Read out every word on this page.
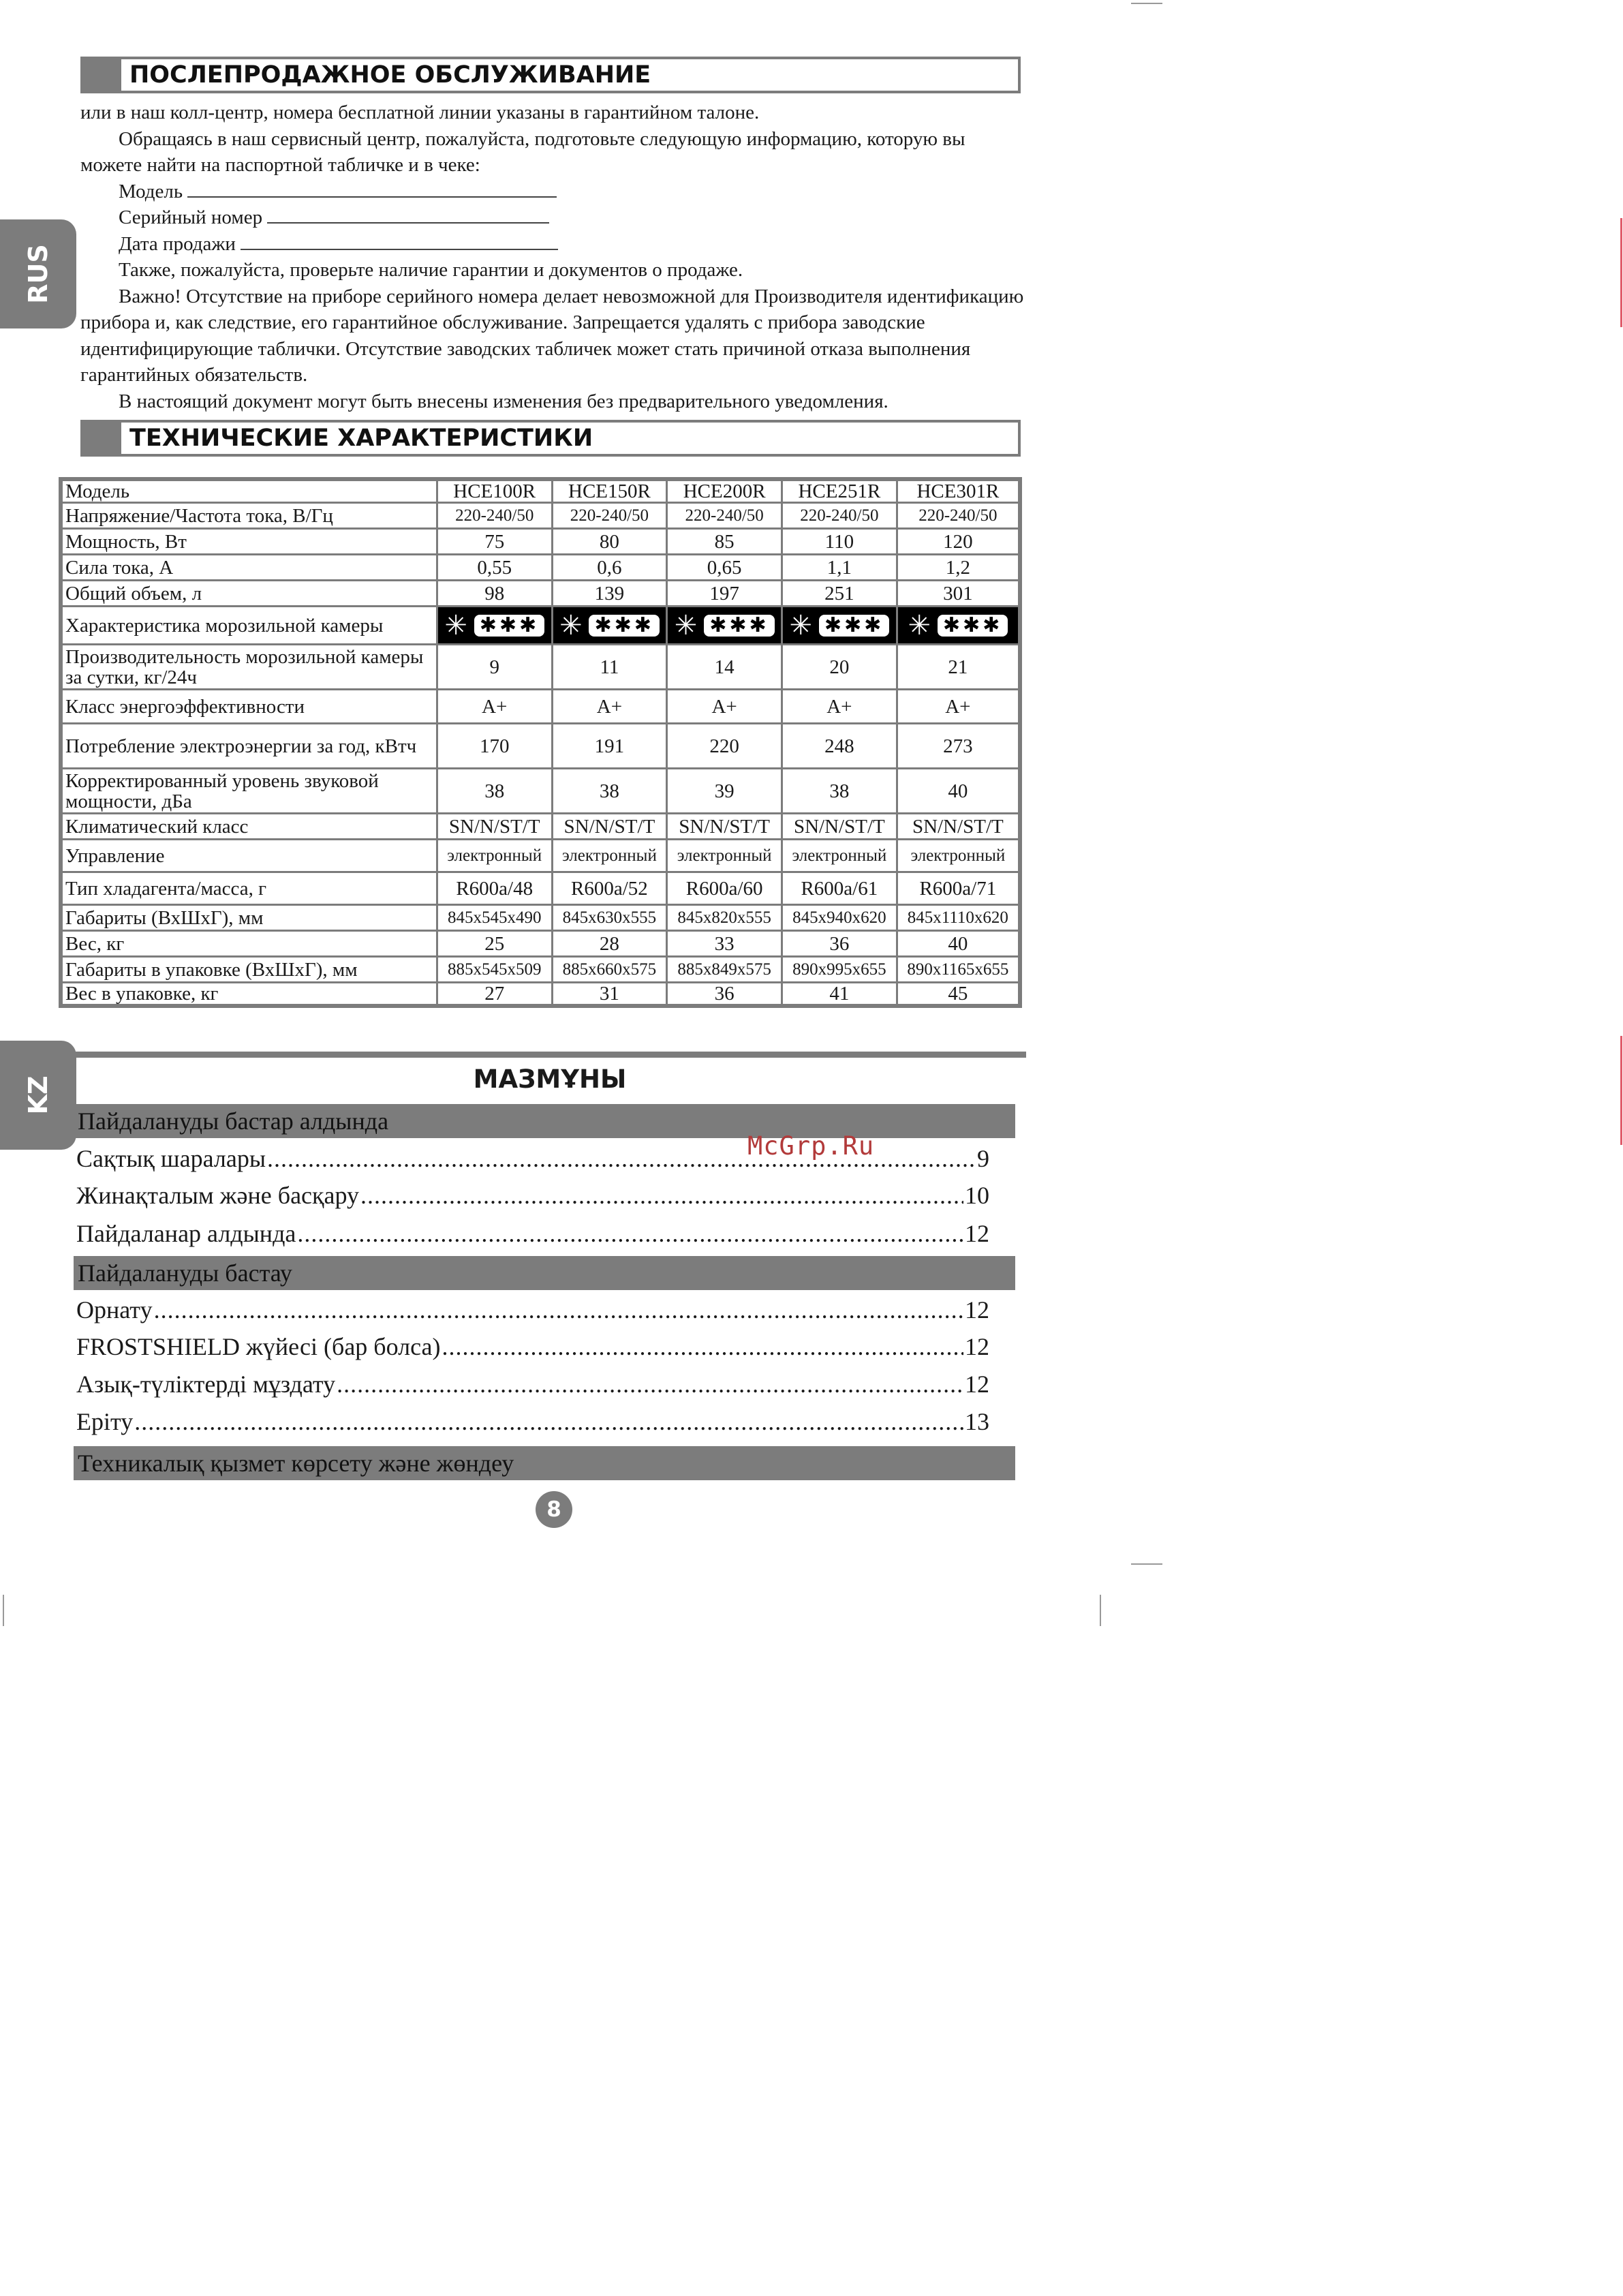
RUS
KZ
ПОСЛЕПРОДАЖНОЕ ОБСЛУЖИВАНИЕ

или в наш колл-центр, номера бесплатной линии указаны в гарантийном талоне.

Обращаясь в наш сервисный центр, пожалуйста, подготовьте следующую информацию, которую вы можете найти на паспортной табличке и в чеке:

Модель

Серийный номер

Дата продажи

Также, пожалуйста, проверьте наличие гарантии и документов о продаже.

Важно! Отсутствие на приборе серийного номера делает невозможной для Производителя идентификацию прибора и, как следствие, его гарантийное обслуживание. Запрещается удалять с прибора заводские идентифицирующие таблички. Отсутствие заводских табличек может стать причиной отказа выполнения гарантийных обязательств.

В настоящий документ могут быть внесены изменения без предварительного уведомления.

ТЕХНИЧЕСКИЕ ХАРАКТЕРИСТИКИ
Модель	HCE100R	HCE150R	HCE200R	HCE251R	HCE301R
Напряжение/Частота тока, В/Гц	220-240/50	220-240/50	220-240/50	220-240/50	220-240/50
Мощность, Вт	75	80	85	110	120
Сила тока, А	0,55	0,6	0,65	1,1	1,2
Общий объем, л	98	139	197	251	301
Характеристика морозильной камеры	✳ ✱✱✱	✳ ✱✱✱	✳ ✱✱✱	✳ ✱✱✱	✳ ✱✱✱

Производительность морозильной камеры за сутки, кг/24ч	9	11	14	20	21
Класс энергоэффективности	A+	A+	A+	A+	A+
Потребление электроэнергии за год, кВтч	170	191	220	248	273
Корректированный уровень звуковой мощности, дБа	38	38	39	38	40
Климатический класс	SN/N/ST/T	SN/N/ST/T	SN/N/ST/T	SN/N/ST/T	SN/N/ST/T
Управление	электронный	электронный	электронный	электронный	электронный
Тип хладагента/масса, г	R600a/48	R600a/52	R600a/60	R600a/61	R600a/71
Габариты (ВхШхГ), мм	845x545x490	845x630x555	845x820x555	845x940x620	845x1110x620
Вес, кг	25	28	33	36	40
Габариты в упаковке (ВхШхГ), мм	885x545x509	885x660x575	885x849x575	890x995x655	890x1165x655
Вес в упаковке, кг	27	31	36	41	45
МАЗМҰНЫ
Пайдалануды бастар алдында
Сақтық шаралары .....	9
Жинақталым және басқару .....	10
Пайдаланар алдында .....	12
Пайдалануды бастау
Орнату .....	12
FROSTSHIELD жүйесі (бар болса) .....	12
Азық-түліктерді мұздату .....	12
Еріту .....	13
Техникалық қызмет көрсету және жөндеу
McGrp.Ru
8
